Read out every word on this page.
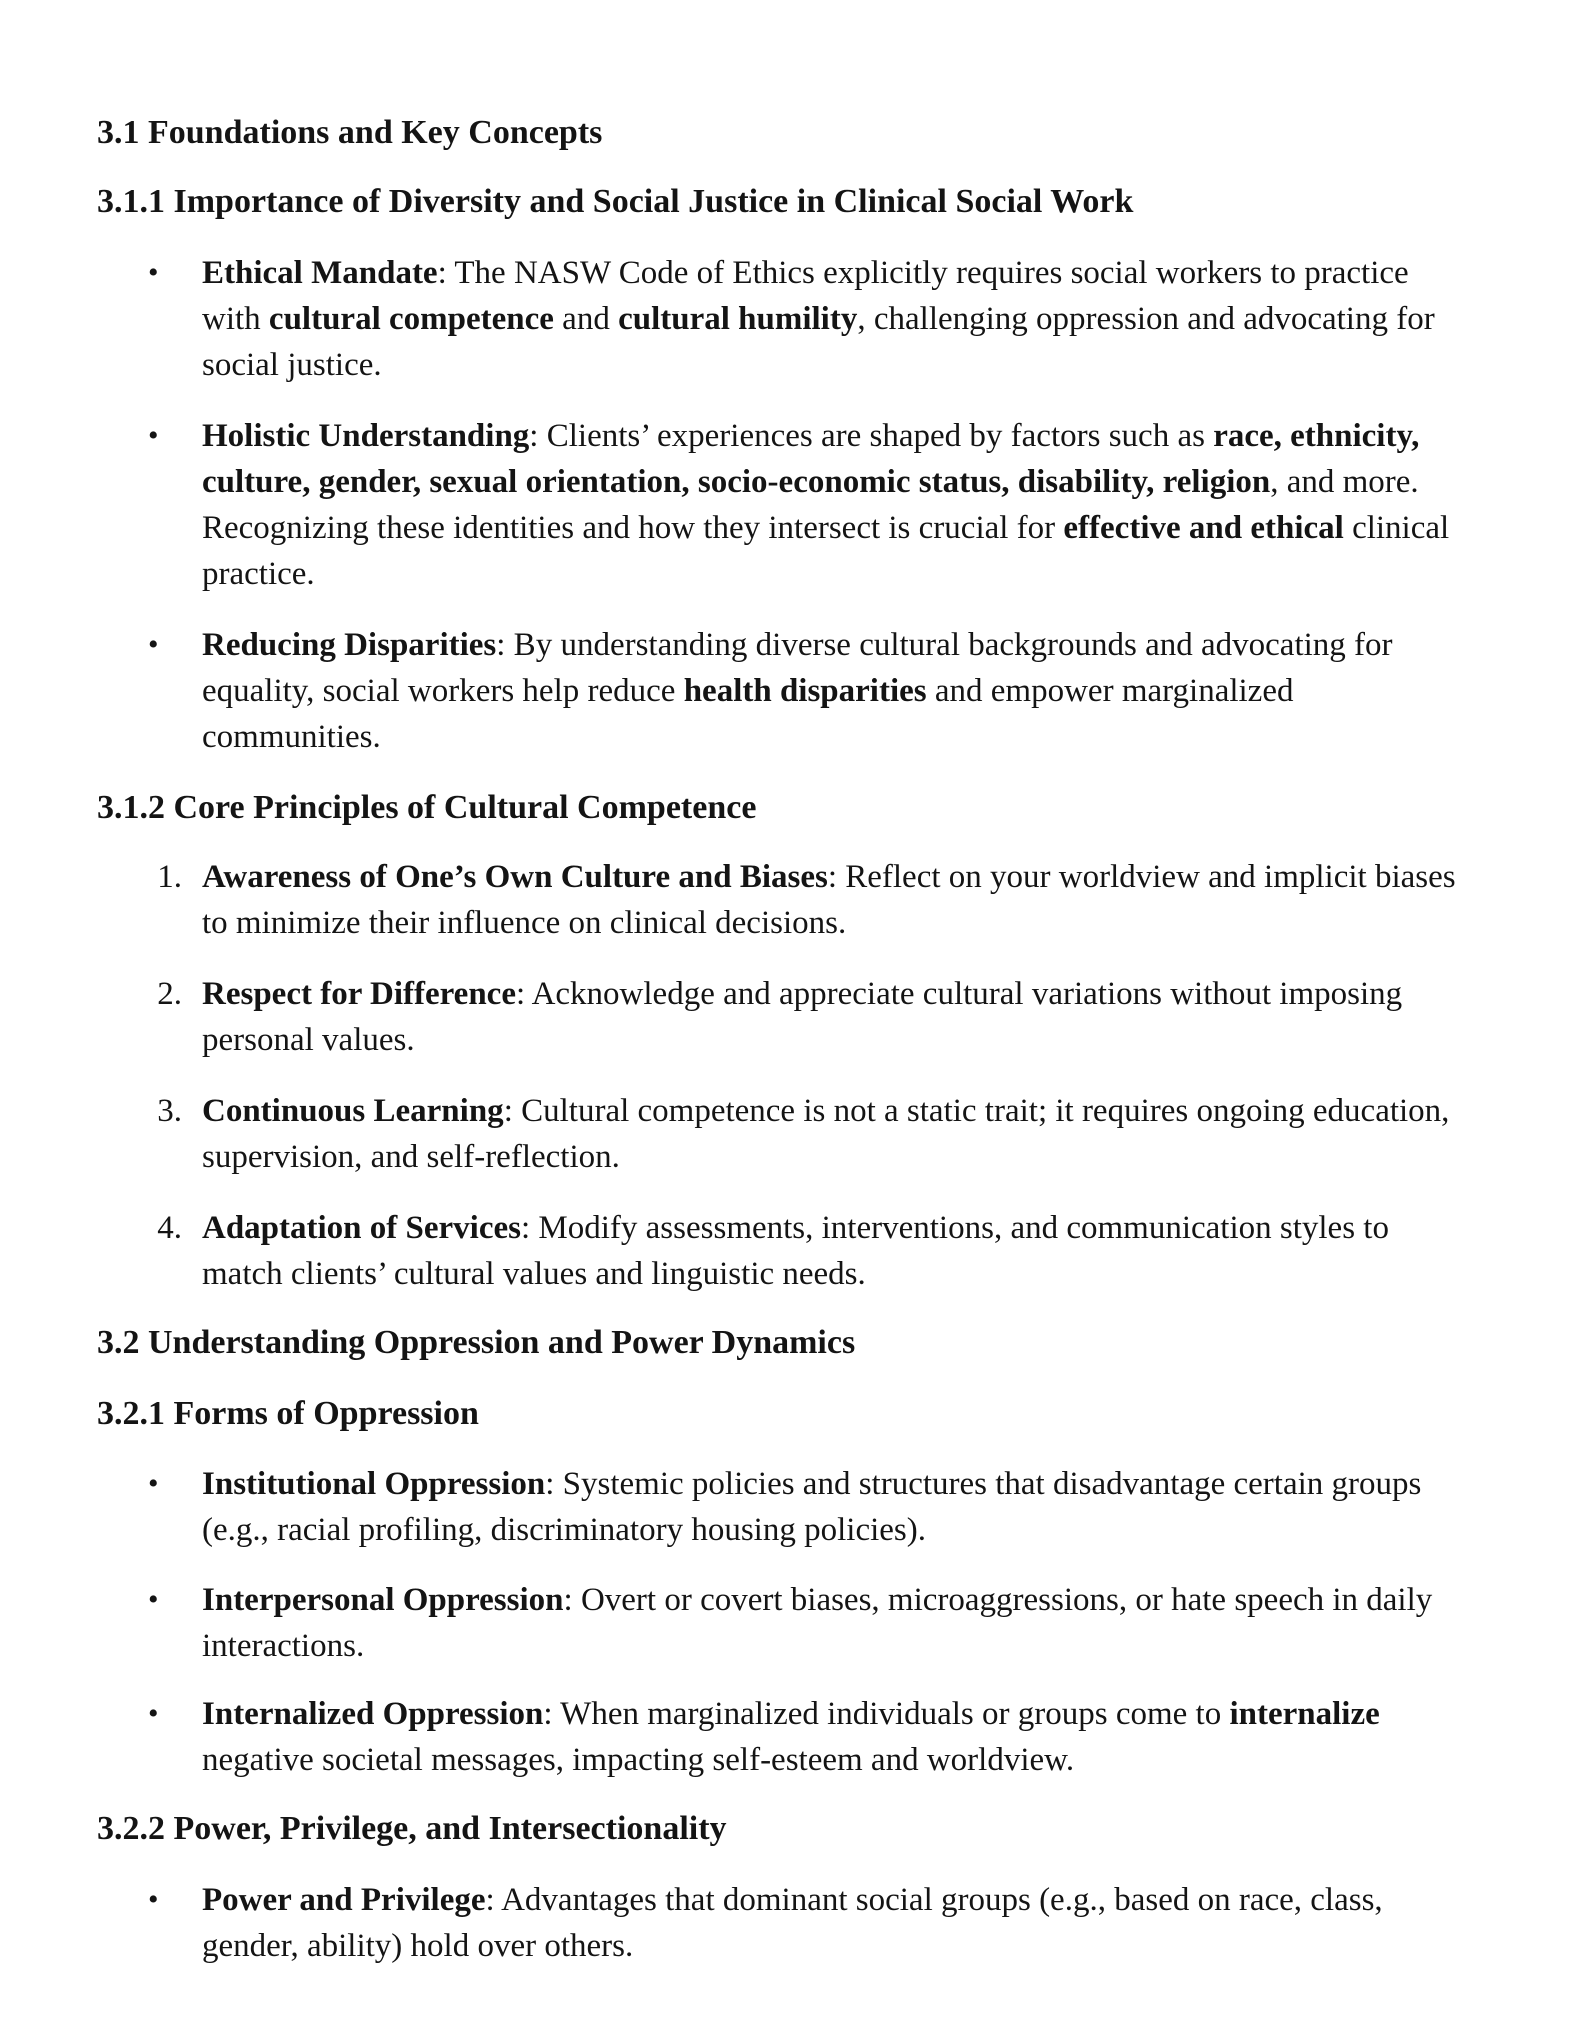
3.1 Foundations and Key Concepts
3.1.1 Importance of Diversity and Social Justice in Clinical Social Work
• Ethical Mandate: The NASW Code of Ethics explicitly requires social workers to practice with cultural competence and cultural humility, challenging oppression and advocating for social justice.
• Holistic Understanding: Clients’ experiences are shaped by factors such as race, ethnicity, culture, gender, sexual orientation, socio-economic status, disability, religion, and more. Recognizing these identities and how they intersect is crucial for effective and ethical clinical practice.
• Reducing Disparities: By understanding diverse cultural backgrounds and advocating for equality, social workers help reduce health disparities and empower marginalized communities.
3.1.2 Core Principles of Cultural Competence
1. Awareness of One’s Own Culture and Biases: Reflect on your worldview and implicit biases to minimize their influence on clinical decisions.
2. Respect for Difference: Acknowledge and appreciate cultural variations without imposing personal values.
3. Continuous Learning: Cultural competence is not a static trait; it requires ongoing education, supervision, and self-reflection.
4. Adaptation of Services: Modify assessments, interventions, and communication styles to match clients’ cultural values and linguistic needs.
3.2 Understanding Oppression and Power Dynamics
3.2.1 Forms of Oppression
• Institutional Oppression: Systemic policies and structures that disadvantage certain groups (e.g., racial profiling, discriminatory housing policies).
• Interpersonal Oppression: Overt or covert biases, microaggressions, or hate speech in daily interactions.
• Internalized Oppression: When marginalized individuals or groups come to internalize negative societal messages, impacting self-esteem and worldview.
3.2.2 Power, Privilege, and Intersectionality
• Power and Privilege: Advantages that dominant social groups (e.g., based on race, class, gender, ability) hold over others.
